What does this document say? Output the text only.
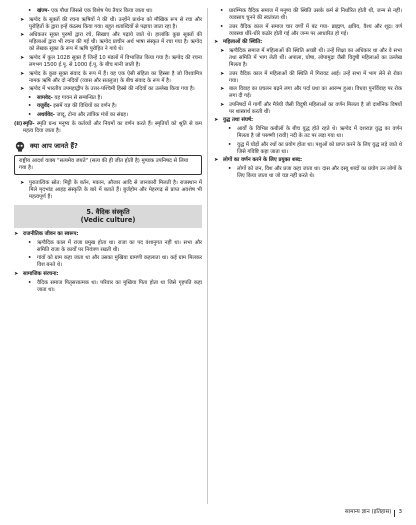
•	खंज्म- एक पौधा जिससे एक विशेष पेय तैयार किया जाता था।
➤ ऋग्वेद के सूक्तों की रचना ऋषियों ने की थी। उन्होंने प्रार्थना को मौखिक रूप से रचा और पुरोहितों के द्वारा इन्हें कंठस्थ किया गया। बहुत शताब्दियों से पढ़ाया जाता रहा है।
➤ अधिकतर सूक्त पुरुषों द्वारा रचे, सिखाए और पढ़ाये जाते थे। हालांकि कुछ सूक्तों की महिलाओं द्वारा भी रचना की गई थी। ऋग्वेद प्राचीन अर्थ भाषा संस्कृत में रचा गया है। ऋग्वेद को लेखक सूक्त के रूप में ऋषि पुरोहित ने गाये थे।
➤ ऋग्वेद में कुल 1028 सूक्त हैं जिन्हें 10 मंडलों में विभाजित किया गया है। ऋग्वेद की रचना लगभग 1500 ई.पू. से 1000 ई.पू. के बीच मानी जाती है।
➤ ऋग्वेद के कुछ सूक्त संवाद के रूप में हैं। यह एक ऐसी संहिता का हिस्सा है जो विश्वामित्र नामक ऋषि और दो नदियों (व्यास और सतलुज) के बीच संवाद के रूप में है।
➤ ऋग्वेद में भारतीय उपमहाद्वीप के उत्तर-पश्चिमी हिस्से की नदियों का उल्लेख किया गया है।
•	सामवेद- यह गायन से सम्बन्धित है।
•	यजुर्वेद- इसमें यज्ञ की विधियों का वर्णन है।
•	अथर्ववेद- जादू, टोना और तांत्रिक मंत्रों का संग्रह।
(ii) स्मृति- स्मृति ग्रन्थ मनुष्य के कर्तव्यों और नियमों का वर्णन करते हैं। स्मृतियों को श्रुति से कम महत्व दिया जाता है।
क्या आप जानते हैं?
राष्ट्रीय आदर्श वाक्य "सत्यमेव जयते" (सत्य की ही जीत होती है) मुण्डक उपनिषद से लिया गया है।
➤ पुरातात्विक स्रोत: मिट्टी के बर्तन, मकान, औजार आदि से जानकारी मिलती है। राजस्थान में मिले मृदभांड आहड़ संस्कृति के बारे में बताते हैं। बुर्जहोम और मेहरगढ़ से प्राप्त अवशेष भी महत्वपूर्ण हैं।
5. वैदिक संस्कृति
(Vedic culture)
➤ राजनीतिक जीवन का स्वरूप:
•	ऋग्वैदिक काल में राजा प्रमुख होता था। राजा का पद वंशानुगत नहीं था। सभा और समिति राजा के कार्यों पर नियंत्रण रखती थी।
•	गांवों को ग्राम कहा जाता था और उसका मुखिया ग्रामणी कहलाता था। कई ग्राम मिलकर विश बनते थे।
➤ सामाजिक संरचना:
•	वैदिक समाज पितृसत्तात्मक था। परिवार का मुखिया पिता होता था जिसे गृहपति कहा जाता था।
•	प्रारम्भिक वैदिक समाज में मनुष्य की स्थिति उसके कर्म से निर्धारित होती थी, जन्म से नहीं। व्यवसाय चुनने की स्वतंत्रता थी।
•	उत्तर वैदिक काल में समाज चार वर्णों में बंट गया- ब्राह्मण, क्षत्रिय, वैश्य और शूद्र। वर्ण व्यवस्था धीरे-धीरे कठोर होती गई और जन्म पर आधारित हो गई।
➤ महिलाओं की स्थिति:
➤ ऋग्वैदिक समाज में महिलाओं की स्थिति अच्छी थी। उन्हें शिक्षा का अधिकार था और वे सभा तथा समिति में भाग लेती थीं। अपाला, घोषा, लोपामुद्रा जैसी विदुषी महिलाओं का उल्लेख मिलता है।
➤ उत्तर वैदिक काल में महिलाओं की स्थिति में गिरावट आई। उन्हें सभा में भाग लेने से रोका गया।
➤ बाल विवाह का प्रचलन बढ़ने लगा और पर्दा प्रथा का आरम्भ हुआ। विधवा पुनर्विवाह पर रोक लगा दी गई।
➤ उपनिषदों में गार्गी और मैत्रेयी जैसी विदुषी महिलाओं का वर्णन मिलता है जो दार्शनिक विषयों पर शास्त्रार्थ करती थीं।
➤ युद्ध तथा संघर्ष:
•	आर्यों के विभिन्न कबीलों के बीच युद्ध होते रहते थे। ऋग्वेद में दशराज्ञ युद्ध का वर्णन मिलता है जो परुष्णी (रावी) नदी के तट पर लड़ा गया था।
•	युद्ध में घोड़ों और रथों का प्रयोग होता था। पशुओं को प्राप्त करने के लिए युद्ध लड़े जाते थे जिसे गविष्टि कहा जाता था।
➤ लोगों का वर्णन करने के लिए प्रयुक्त शब्द:
•	लोगों को जन, विश और प्रजा कहा जाता था। दास और दस्यु शब्दों का प्रयोग उन लोगों के लिए किया जाता था जो यज्ञ नहीं करते थे।
सामान्य ज्ञान (इतिहास) 3
